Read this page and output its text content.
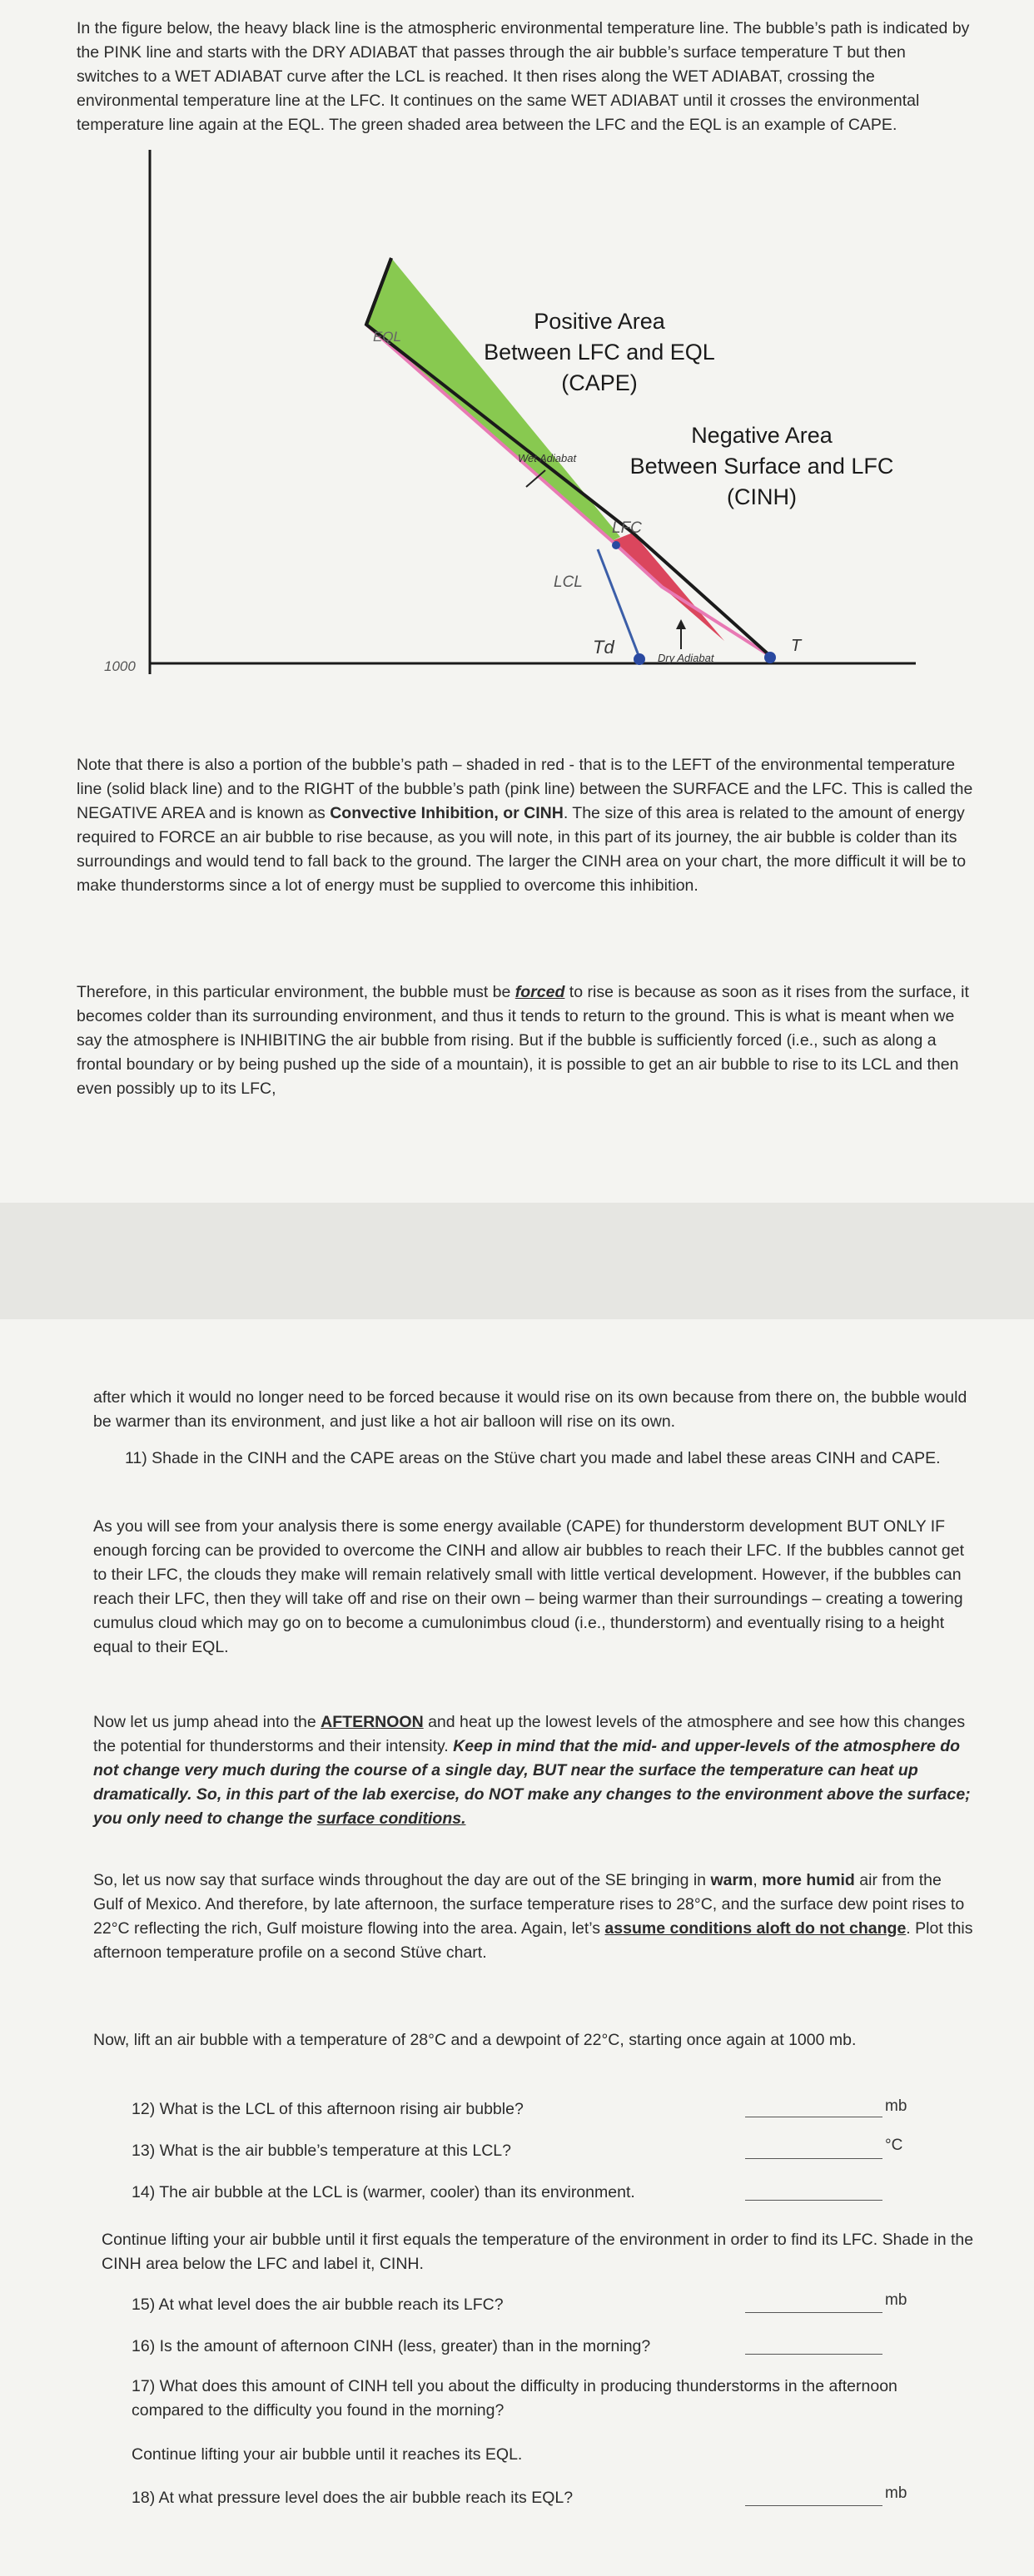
In the figure below, the heavy black line is the atmospheric environmental temperature line. The bubble’s path is indicated by the PINK line and starts with the DRY ADIABAT that passes through the air bubble’s surface temperature T but then switches to a WET ADIABAT curve after the LCL is reached. It then rises along the WET ADIABAT, crossing the environmental temperature line at the LFC. It continues on the same WET ADIABAT until it crosses the environmental temperature line again at the EQL. The green shaded area between the LFC and the EQL is an example of CAPE.

1000
EQL
LFC
LCL
Td	T
Wet Adiabat
Dry Adiabat
Positive Area
Between LFC and EQL
(CAPE)
Negative Area
Between Surface and LFC
(CINH)

Note that there is also a portion of the bubble’s path – shaded in red - that is to the LEFT of the environmental temperature line (solid black line) and to the RIGHT of the bubble’s path (pink line) between the SURFACE and the LFC. This is called the NEGATIVE AREA and is known as Convective Inhibition, or CINH. The size of this area is related to the amount of energy required to FORCE an air bubble to rise because, as you will note, in this part of its journey, the air bubble is colder than its surroundings and would tend to fall back to the ground. The larger the CINH area on your chart, the more difficult it will be to make thunderstorms since a lot of energy must be supplied to overcome this inhibition.

Therefore, in this particular environment, the bubble must be forced to rise is because as soon as it rises from the surface, it becomes colder than its surrounding environment, and thus it tends to return to the ground. This is what is meant when we say the atmosphere is INHIBITING the air bubble from rising. But if the bubble is sufficiently forced (i.e., such as along a frontal boundary or by being pushed up the side of a mountain), it is possible to get an air bubble to rise to its LCL and then even possibly up to its LFC,

after which it would no longer need to be forced because it would rise on its own because from there on, the bubble would be warmer than its environment, and just like a hot air balloon will rise on its own.

11) Shade in the CINH and the CAPE areas on the Stüve chart you made and label these areas CINH and CAPE.

As you will see from your analysis there is some energy available (CAPE) for thunderstorm development BUT ONLY IF enough forcing can be provided to overcome the CINH and allow air bubbles to reach their LFC. If the bubbles cannot get to their LFC, the clouds they make will remain relatively small with little vertical development. However, if the bubbles can reach their LFC, then they will take off and rise on their own – being warmer than their surroundings – creating a towering cumulus cloud which may go on to become a cumulonimbus cloud (i.e., thunderstorm) and eventually rising to a height equal to their EQL.

Now let us jump ahead into the AFTERNOON and heat up the lowest levels of the atmosphere and see how this changes the potential for thunderstorms and their intensity. Keep in mind that the mid- and upper-levels of the atmosphere do not change very much during the course of a single day, BUT near the surface the temperature can heat up dramatically. So, in this part of the lab exercise, do NOT make any changes to the environment above the surface; you only need to change the surface conditions.

So, let us now say that surface winds throughout the day are out of the SE bringing in warm, more humid air from the Gulf of Mexico. And therefore, by late afternoon, the surface temperature rises to 28°C, and the surface dew point rises to 22°C reflecting the rich, Gulf moisture flowing into the area. Again, let’s assume conditions aloft do not change. Plot this afternoon temperature profile on a second Stüve chart.

Now, lift an air bubble with a temperature of 28°C and a dewpoint of 22°C, starting once again at 1000 mb.

12) What is the LCL of this afternoon rising air bubble?	mb

13) What is the air bubble’s temperature at this LCL?	°C

14) The air bubble at the LCL is (warmer, cooler) than its environment.

Continue lifting your air bubble until it first equals the temperature of the environment in order to find its LFC. Shade in the CINH area below the LFC and label it, CINH.

15) At what level does the air bubble reach its LFC?	mb

16) Is the amount of afternoon CINH (less, greater) than in the morning?

17) What does this amount of CINH tell you about the difficulty in producing thunderstorms in the afternoon compared to the difficulty you found in the morning?

Continue lifting your air bubble until it reaches its EQL.

18) At what pressure level does the air bubble reach its EQL?	mb
